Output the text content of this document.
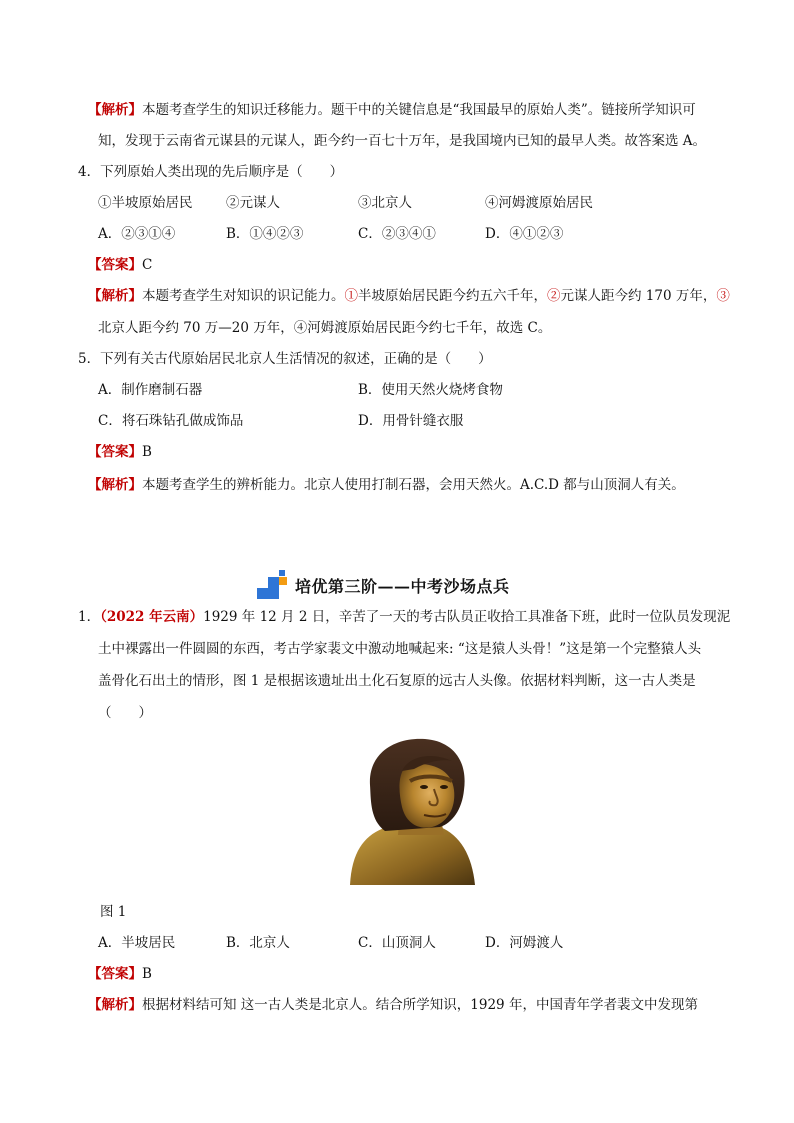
【解析】本题考查学生的知识迁移能力。题干中的关键信息是“我国最早的原始人类”。链接所学知识可
知，发现于云南省元谋县的元谋人，距今约一百七十万年，是我国境内已知的最早人类。故答案选 A。
4．下列原始人类出现的先后顺序是（　　）
①半坡原始居民 ②元谋人	③北京人	④河姆渡原始居民
A．②③①④	B．①④②③	C．②③④①	D．④①②③
【答案】C
【解析】本题考查学生对知识的识记能力。①半坡原始居民距今约五六千年，②元谋人距今约 170 万年，③
北京人距今约 70 万—20 万年，④河姆渡原始居民距今约七千年，故选 C。
5．下列有关古代原始居民北京人生活情况的叙述，正确的是（　　）
A．制作磨制石器	B．使用天然火烧烤食物
C．将石珠钻孔做成饰品	D．用骨针缝衣服
【答案】B
【解析】本题考查学生的辨析能力。北京人使用打制石器，会用天然火。A.C.D 都与山顶洞人有关。
培优第三阶——中考沙场点兵
1．（2022 年云南）1929 年 12 月 2 日，辛苦了一天的考古队员正收拾工具准备下班，此时一位队员发现泥
土中裸露出一件圆圆的东西，考古学家裴文中激动地喊起来: “这是猿人头骨！”这是第一个完整猿人头
盖骨化石出土的情形，图 1 是根据该遗址出土化石复原的远古人头像。依据材料判断，这一古人类是
（　　）
图 1
A．半坡居民	B．北京人	C．山顶洞人	D．河姆渡人
【答案】B
【解析】根据材料结可知 这一古人类是北京人。结合所学知识，1929 年，中国青年学者裴文中发现第
